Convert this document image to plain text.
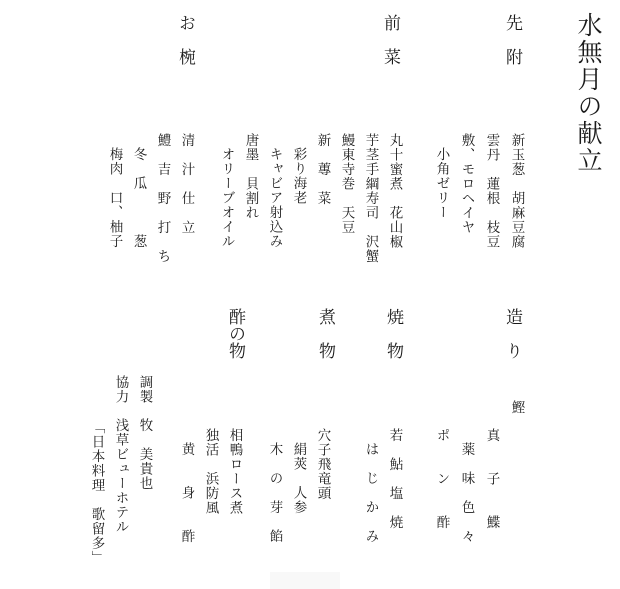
水無月の献立
先　附
新玉葱　胡麻豆腐
雲丹　蓮根　枝豆
敷、モロヘイヤ
小角ゼリー
前　菜
丸十蜜煮　花山椒
芋茎手綱寿司　沢蟹
鰻東寺巻　天豆
新　蓴　菜
彩り海老
キャビア射込み
唐墨　貝割れ
オリーブオイル
お　椀
清　汁　仕　立
鱧　吉　野　打　ち
冬　瓜　　　葱
梅肉　口、柚子
造　り
鰹
真　　子　　鰈
薬　味　色　々
ポ　　ン　　酢
焼　物
若　鮎　塩　焼
は　じ　か　み
煮　物
穴子飛竜頭
絹莢　人参
木　の　芽　餡
酢の物
相鴨ロース煮
独活　浜防風
黄　　身　　酢
調製
牧　美貴也
協力
浅草ビューホテル
「日本料理　歌留多」
